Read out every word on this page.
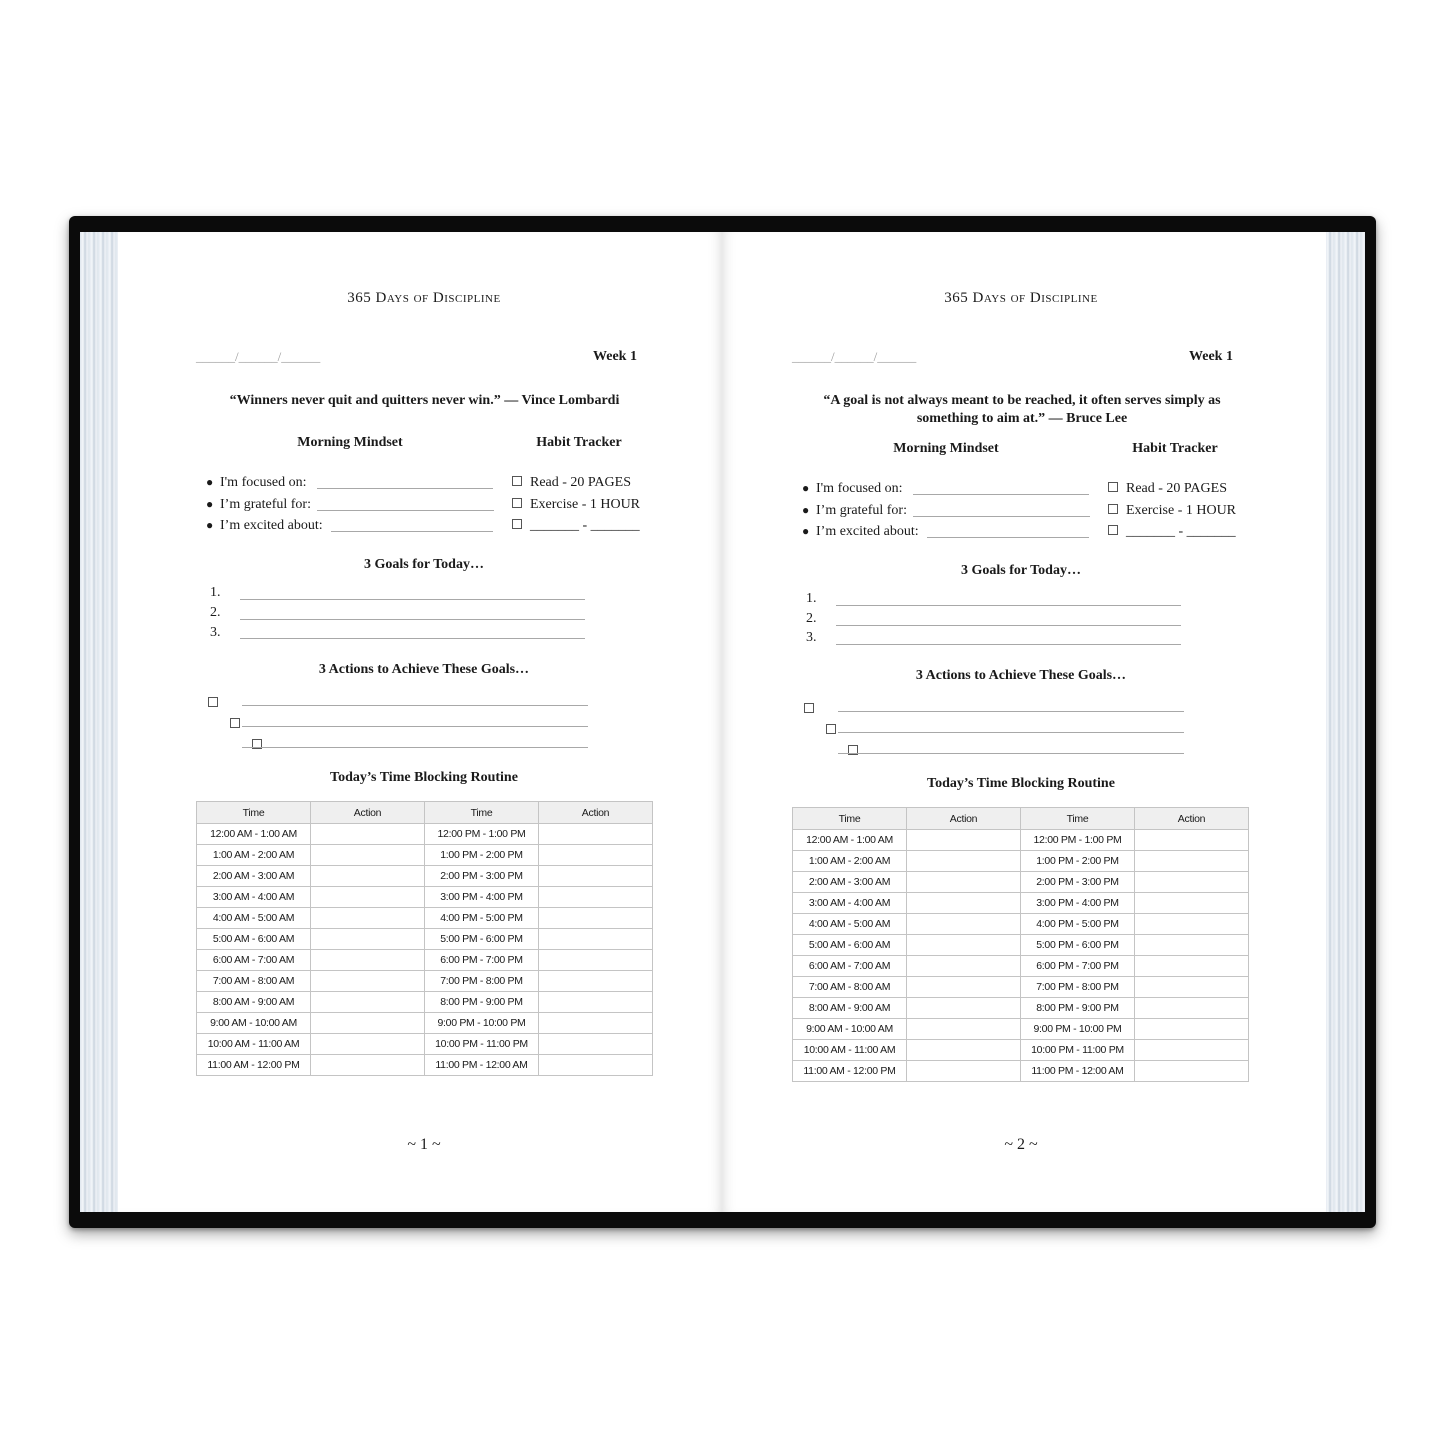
365 Days of Discipline
______/______/______	Week 1
“Winners never quit and quitters never win.” — Vince Lombardi
Morning Mindset	Habit Tracker
● I'm focused on:
● I’m grateful for:
● I’m excited about:
Read - 20 PAGES
Exercise - 1 HOUR
_______ - _______
3 Goals for Today…
1.
2.
3.
3 Actions to Achieve These Goals…

Today’s Time Blocking Routine
Time	Action	Time	Action
12:00 AM - 1:00 AM		12:00 PM - 1:00 PM	
1:00 AM - 2:00 AM		1:00 PM - 2:00 PM	
2:00 AM - 3:00 AM		2:00 PM - 3:00 PM	
3:00 AM - 4:00 AM		3:00 PM - 4:00 PM	
4:00 AM - 5:00 AM		4:00 PM - 5:00 PM	
5:00 AM - 6:00 AM		5:00 PM - 6:00 PM	
6:00 AM - 7:00 AM		6:00 PM - 7:00 PM	
7:00 AM - 8:00 AM		7:00 PM - 8:00 PM	
8:00 AM - 9:00 AM		8:00 PM - 9:00 PM	
9:00 AM - 10:00 AM		9:00 PM - 10:00 PM	
10:00 AM - 11:00 AM		10:00 PM - 11:00 PM	
11:00 AM - 12:00 PM		11:00 PM - 12:00 AM	
~ 1 ~
365 Days of Discipline
______/______/______	Week 1
“A goal is not always meant to be reached, it often serves simply as something to aim at.” — Bruce Lee
Morning Mindset	Habit Tracker
● I'm focused on:
● I’m grateful for:
● I’m excited about:
Read - 20 PAGES
Exercise - 1 HOUR
_______ - _______
3 Goals for Today…
1.
2.
3.
3 Actions to Achieve These Goals…

Today’s Time Blocking Routine
Time	Action	Time	Action
12:00 AM - 1:00 AM		12:00 PM - 1:00 PM	
1:00 AM - 2:00 AM		1:00 PM - 2:00 PM	
2:00 AM - 3:00 AM		2:00 PM - 3:00 PM	
3:00 AM - 4:00 AM		3:00 PM - 4:00 PM	
4:00 AM - 5:00 AM		4:00 PM - 5:00 PM	
5:00 AM - 6:00 AM		5:00 PM - 6:00 PM	
6:00 AM - 7:00 AM		6:00 PM - 7:00 PM	
7:00 AM - 8:00 AM		7:00 PM - 8:00 PM	
8:00 AM - 9:00 AM		8:00 PM - 9:00 PM	
9:00 AM - 10:00 AM		9:00 PM - 10:00 PM	
10:00 AM - 11:00 AM		10:00 PM - 11:00 PM	
11:00 AM - 12:00 PM		11:00 PM - 12:00 AM	
~ 2 ~
